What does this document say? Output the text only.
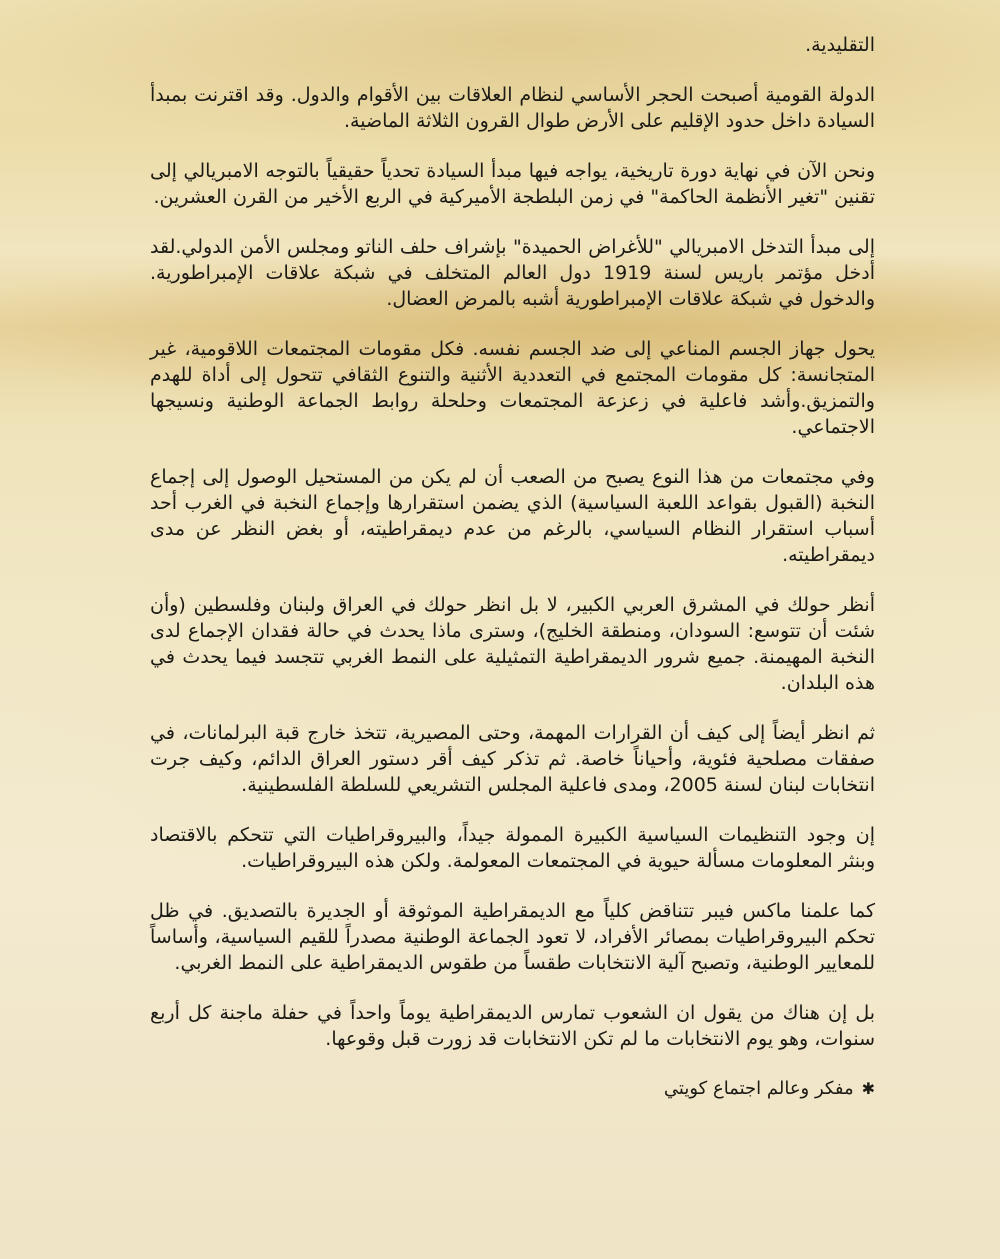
التقليدية.

الدولة القومية أصبحت الحجر الأساسي لنظام العلاقات بين الأقوام والدول. وقد اقترنت بمبدأ السيادة داخل حدود الإقليم على الأرض طوال القرون الثلاثة الماضية.

ونحن الآن في نهاية دورة تاريخية، يواجه فيها مبدأ السيادة تحدياً حقيقياً بالتوجه الامبريالي إلى تقنين "تغير الأنظمة الحاكمة" في زمن البلطجة الأميركية في الربع الأخير من القرن العشرين.

إلى مبدأ التدخل الامبريالي "للأغراض الحميدة" بإشراف حلف الناتو ومجلس الأمن الدولي.لقد أدخل مؤتمر باريس لسنة 1919 دول العالم المتخلف في شبكة علاقات الإمبراطورية. والدخول في شبكة علاقات الإمبراطورية أشبه بالمرض العضال.

يحول جهاز الجسم المناعي إلى ضد الجسم نفسه. فكل مقومات المجتمعات اللاقومية، غير المتجانسة: كل مقومات المجتمع في التعددية الأثنية والتنوع الثقافي تتحول إلى أداة للهدم والتمزيق.وأشد فاعلية في زعزعة المجتمعات وحلحلة روابط الجماعة الوطنية ونسيجها الاجتماعي.

وفي مجتمعات من هذا النوع يصبح من الصعب أن لم يكن من المستحيل الوصول إلى إجماع النخبة (القبول بقواعد اللعبة السياسية) الذي يضمن استقرارها وإجماع النخبة في الغرب أحد أسباب استقرار النظام السياسي، بالرغم من عدم ديمقراطيته، أو بغض النظر عن مدى ديمقراطيته.

أنظر حولك في المشرق العربي الكبير، لا بل انظر حولك في العراق ولبنان وفلسطين (وأن شئت أن تتوسع: السودان، ومنطقة الخليج)، وسترى ماذا يحدث في حالة فقدان الإجماع لدى النخبة المهيمنة. جميع شرور الديمقراطية التمثيلية على النمط الغربي تتجسد فيما يحدث في هذه البلدان.

ثم انظر أيضاً إلى كيف أن القرارات المهمة، وحتى المصيرية، تتخذ خارج قبة البرلمانات، في صفقات مصلحية فئوية، وأحياناً خاصة. ثم تذكر كيف أقر دستور العراق الدائم، وكيف جرت انتخابات لبنان لسنة 2005، ومدى فاعلية المجلس التشريعي للسلطة الفلسطينية.

إن وجود التنظيمات السياسية الكبيرة الممولة جيداً، والبيروقراطيات التي تتحكم بالاقتصاد وبنثر المعلومات مسألة حيوية في المجتمعات المعولمة. ولكن هذه البيروقراطيات.

كما علمنا ماكس فيبر تتناقض كلياً مع الديمقراطية الموثوقة أو الجديرة بالتصديق. في ظل تحكم البيروقراطيات بمصائر الأفراد، لا تعود الجماعة الوطنية مصدراً للقيم السياسية، وأساساً للمعايير الوطنية، وتصبح آلية الانتخابات طقساً من طقوس الديمقراطية على النمط الغربي.

بل إن هناك من يقول ان الشعوب تمارس الديمقراطية يوماً واحداً في حفلة ماجنة كل أربع سنوات، وهو يوم الانتخابات ما لم تكن الانتخابات قد زورت قبل وقوعها.

✱مفكر وعالم اجتماع كويتي
